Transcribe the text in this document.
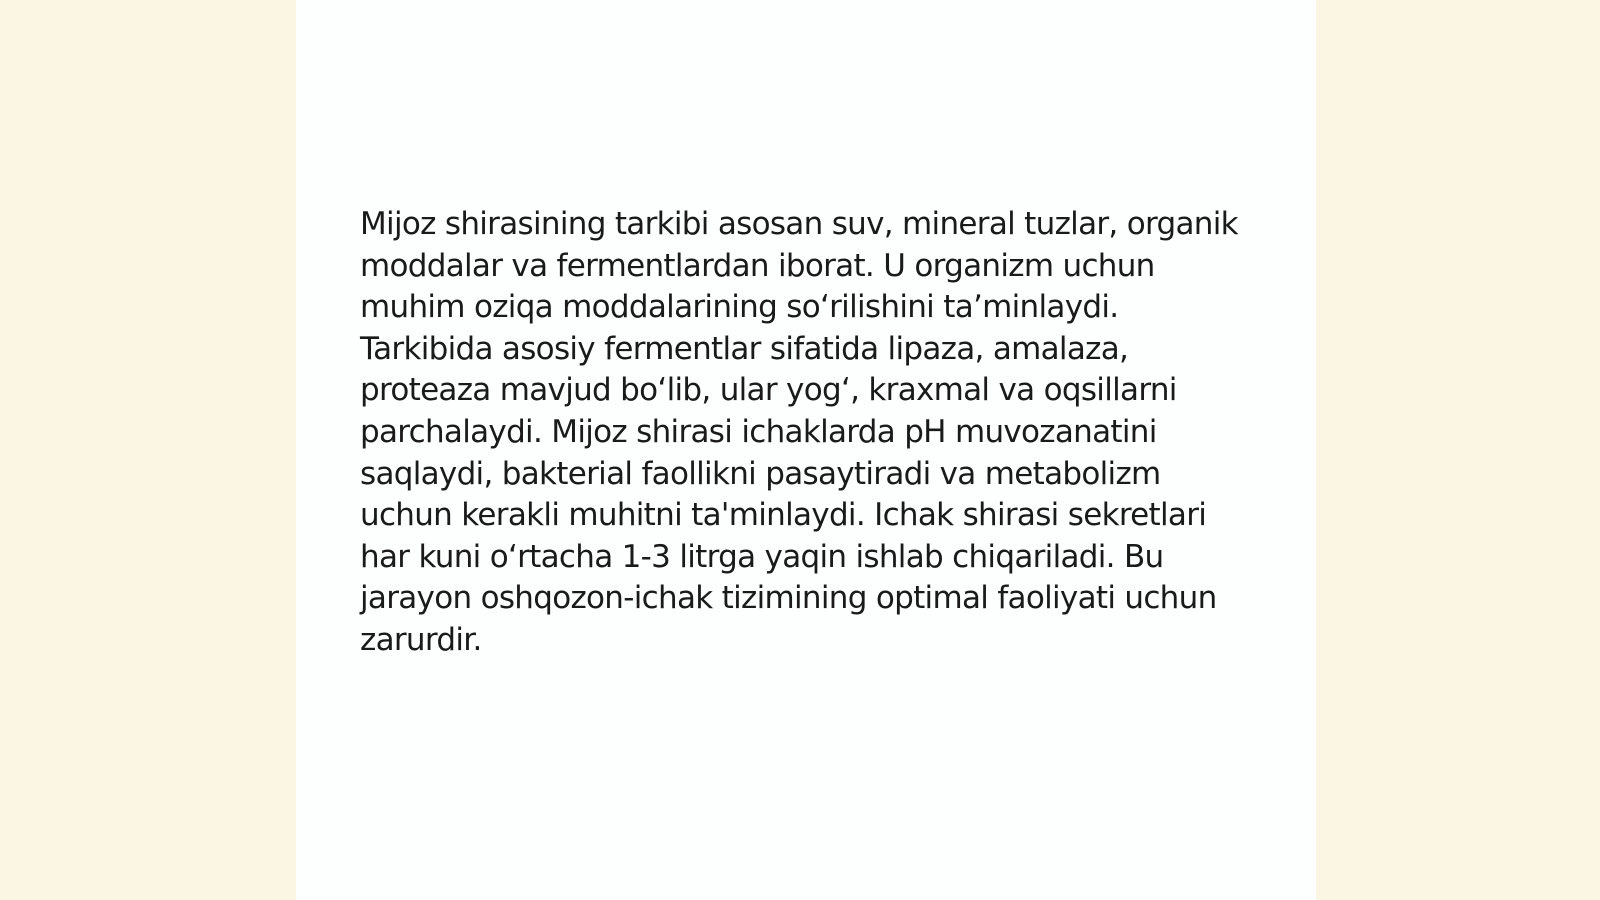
Mijoz shirasining tarkibi asosan suv, mineral tuzlar, organik moddalar va fermentlardan iborat. U organizm uchun muhim oziqa moddalarining so‘rilishini ta’minlaydi. Tarkibida asosiy fermentlar sifatida lipaza, amalaza, proteaza mavjud bo‘lib, ular yog‘, kraxmal va oqsillarni parchalaydi. Mijoz shirasi ichaklarda pH muvozanatini saqlaydi, bakterial faollikni pasaytiradi va metabolizm uchun kerakli muhitni ta'minlaydi. Ichak shirasi sekretlari har kuni o‘rtacha 1-3 litrga yaqin ishlab chiqariladi. Bu jarayon oshqozon-ichak tizimining optimal faoliyati uchun zarurdir.
